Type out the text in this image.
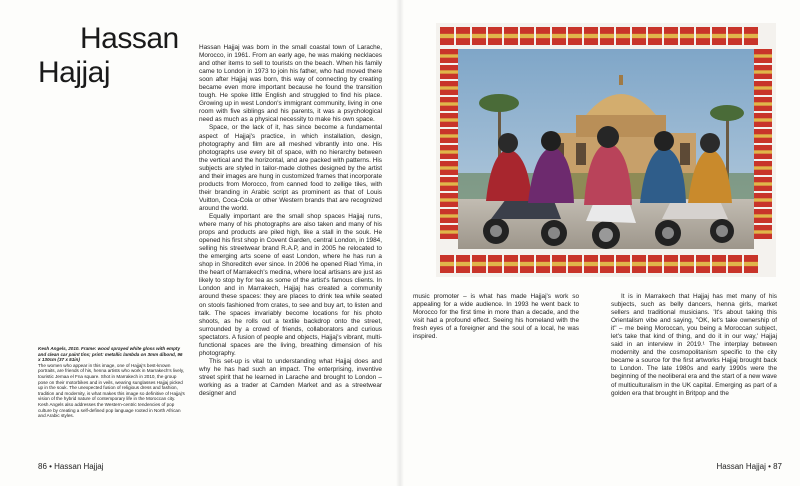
Hassan
Hajjaj

Kesh Angels, 2010. Frame: wood sprayed white gloss with empty and clean car paint tins; print: metallic lambda on 3mm dibond, 96 x 130cm (37 x 51in)

The women who appear in this image, one of Hajjaj's best-known portraits, are friends of his, henna artists who work in Marrakech's lively, touristic Jemaa el Fna square. Shot in Marrakech in 2010, the group pose on their motorbikes and in veils, wearing sunglasses Hajjaj picked up in the souk. The unexpected fusion of religious dress and fashion, tradition and modernity, is what makes this image so definitive of Hajjaj's vision of the hybrid nature of contemporary life in the Moroccan city. Kesh Angels also addresses the Western-centric tendencies of pop culture by creating a self-defined pop language rooted in North African and Arabic styles.

Hassan Hajjaj was born in the small coastal town of Larache, Morocco, in 1961. From an early age, he was making necklaces and other items to sell to tourists on the beach. When his family came to London in 1973 to join his father, who had moved there soon after Hajjaj was born, this way of connecting by creating became even more important because he found the transition tough. He spoke little English and struggled to find his place. Growing up in west London's immigrant community, living in one room with five siblings and his parents, it was a psychological need as much as a physical necessity to make his own space.

Space, or the lack of it, has since become a fundamental aspect of Hajjaj's practice, in which installation, design, photography and film are all meshed vibrantly into one. His photographs use every bit of space, with no hierarchy between the vertical and the horizontal, and are packed with patterns. His subjects are styled in tailor-made clothes designed by the artist and their images are hung in customized frames that incorporate products from Morocco, from canned food to zellige tiles, with their branding in Arabic script as prominent as that of Louis Vuitton, Coca-Cola or other Western brands that are recognized around the world.

Equally important are the small shop spaces Hajjaj runs, where many of his photographs are also taken and many of his props and products are piled high, like a stall in the souk. He opened his first shop in Covent Garden, central London, in 1984, selling his streetwear brand R.A.P, and in 2005 he relocated to the emerging arts scene of east London, where he has run a shop in Shoreditch ever since. In 2006 he opened Riad Yima, in the heart of Marrakech's medina, where local artisans are just as likely to stop by for tea as some of the artist's famous clients. In London and in Marrakech, Hajjaj has created a community around these spaces: they are places to drink tea while seated on stools fashioned from crates, to see and buy art, to listen and talk. The spaces invariably become locations for his photo shoots, as he rolls out a textile backdrop onto the street, surrounded by a crowd of friends, collaborators and curious spectators. A fusion of people and objects, Hajjaj's vibrant, multi-functional spaces are the living, breathing dimension of his photography.

This set-up is vital to understanding what Hajjaj does and why he has had such an impact. The enterprising, inventive street spirit that he learned in Larache and brought to London – working as a trader at Camden Market and as a streetwear designer and

86 • Hassan Hajjaj

music promoter – is what has made Hajjaj's work so appealing for a wide audience. In 1993 he went back to Morocco for the first time in more than a decade, and the visit had a profound effect. Seeing his homeland with the fresh eyes of a foreigner and the soul of a local, he was inspired.

It is in Marrakech that Hajjaj has met many of his subjects, such as belly dancers, henna girls, market sellers and traditional musicians. 'It's about taking this Orientalism vibe and saying, "OK, let's take ownership of it" – me being Moroccan, you being a Moroccan subject, let's take that kind of thing, and do it in our way,' Hajjaj said in an interview in 2019.¹ The interplay between modernity and the cosmopolitanism specific to the city became a source for the first artworks Hajjaj brought back to London. The late 1980s and early 1990s were the beginning of the neoliberal era and the start of a new wave of multiculturalism in the UK capital. Emerging as part of a golden era that brought in Britpop and the

Hassan Hajjaj • 87
